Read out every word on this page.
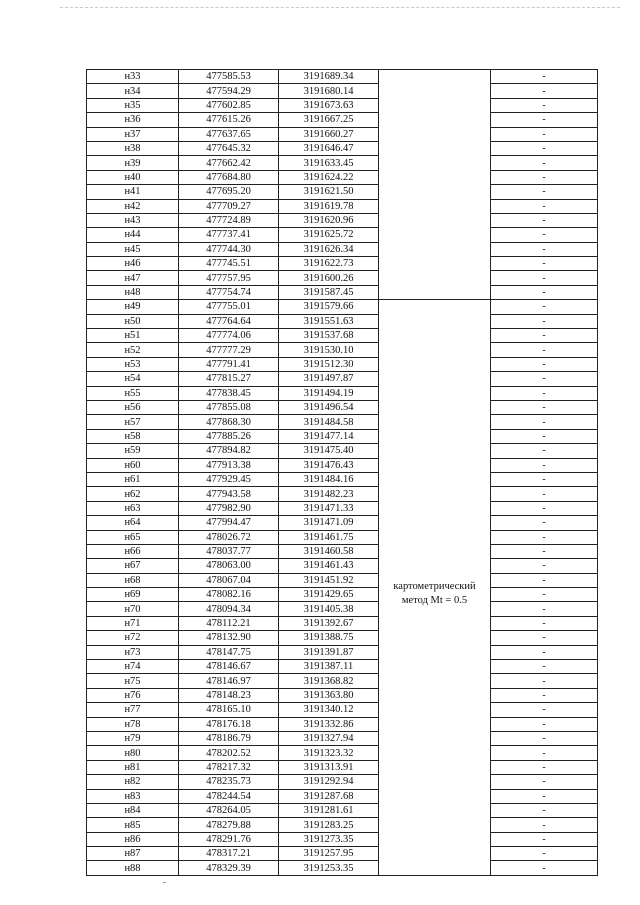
н33	477585.53	3191689.34		-
н34	477594.29	3191680.14		-
н35	477602.85	3191673.63		-
н36	477615.26	3191667.25		-
н37	477637.65	3191660.27		-
н38	477645.32	3191646.47		-
н39	477662.42	3191633.45		-
н40	477684.80	3191624.22		-
н41	477695.20	3191621.50		-
н42	477709.27	3191619.78		-
н43	477724.89	3191620.96		-
н44	477737.41	3191625.72		-
н45	477744.30	3191626.34		-
н46	477745.51	3191622.73		-
н47	477757.95	3191600.26		-
н48	477754.74	3191587.45		-
н49	477755.01	3191579.66	картометрический
метод Mt = 0.5	-
н50	477764.64	3191551.63		-
н51	477774.06	3191537.68		-
н52	477777.29	3191530.10		-
н53	477791.41	3191512.30		-
н54	477815.27	3191497.87		-
н55	477838.45	3191494.19		-
н56	477855.08	3191496.54		-
н57	477868.30	3191484.58		-
н58	477885.26	3191477.14		-
н59	477894.82	3191475.40		-
н60	477913.38	3191476.43		-
н61	477929.45	3191484.16		-
н62	477943.58	3191482.23		-
н63	477982.90	3191471.33		-
н64	477994.47	3191471.09		-
н65	478026.72	3191461.75		-
н66	478037.77	3191460.58		-
н67	478063.00	3191461.43		-
н68	478067.04	3191451.92		-
н69	478082.16	3191429.65		-
н70	478094.34	3191405.38		-
н71	478112.21	3191392.67		-
н72	478132.90	3191388.75		-
н73	478147.75	3191391.87		-
н74	478146.67	3191387.11		-
н75	478146.97	3191368.82		-
н76	478148.23	3191363.80		-
н77	478165.10	3191340.12		-
н78	478176.18	3191332.86		-
н79	478186.79	3191327.94		-
н80	478202.52	3191323.32		-
н81	478217.32	3191313.91		-
н82	478235.73	3191292.94		-
н83	478244.54	3191287.68		-
н84	478264.05	3191281.61		-
н85	478279.88	3191283.25		-
н86	478291.76	3191273.35		-
н87	478317.21	3191257.95		-
н88	478329.39	3191253.35		-
